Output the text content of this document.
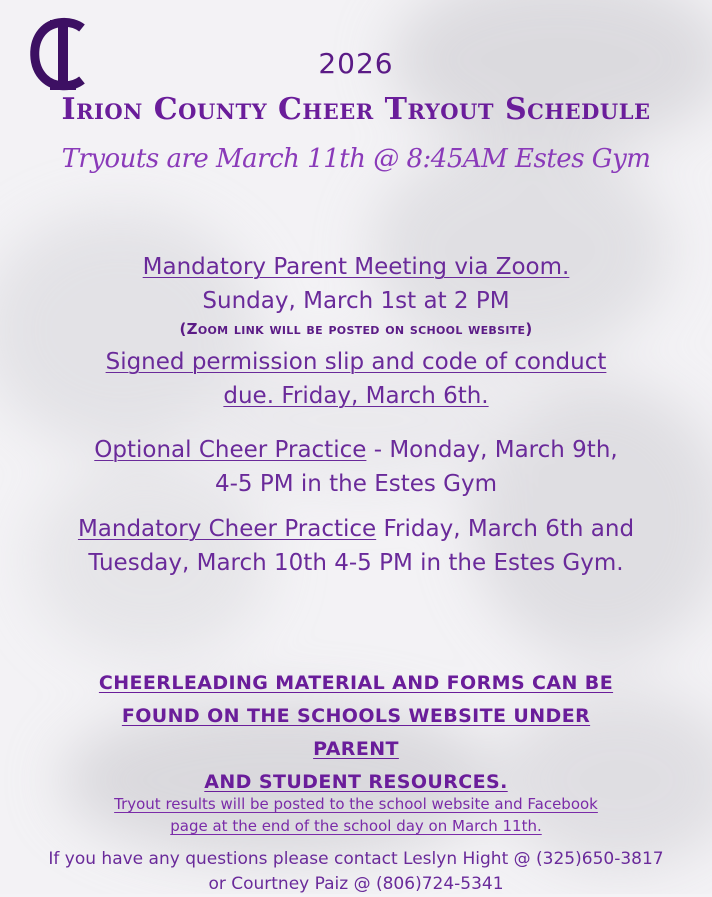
2026
Irion County Cheer Tryout Schedule
Tryouts are March 11th @ 8:45AM Estes Gym
Mandatory Parent Meeting via Zoom.
Sunday, March 1st at 2 PM
(Zoom link will be posted on school website)
Signed permission slip and code of conduct
due. Friday, March 6th.
Optional Cheer Practice - Monday, March 9th, 4-5 PM in the Estes Gym
Mandatory Cheer Practice Friday, March 6th and Tuesday, March 10th 4-5 PM in the Estes Gym.
CHEERLEADING MATERIAL AND FORMS CAN BE
FOUND ON THE SCHOOLS WEBSITE UNDER PARENT
AND STUDENT RESOURCES.
Tryout results will be posted to the school website and Facebook
page at the end of the school day on March 11th.
If you have any questions please contact Leslyn Hight @ (325)650-3817
or Courtney Paiz @ (806)724-5341
